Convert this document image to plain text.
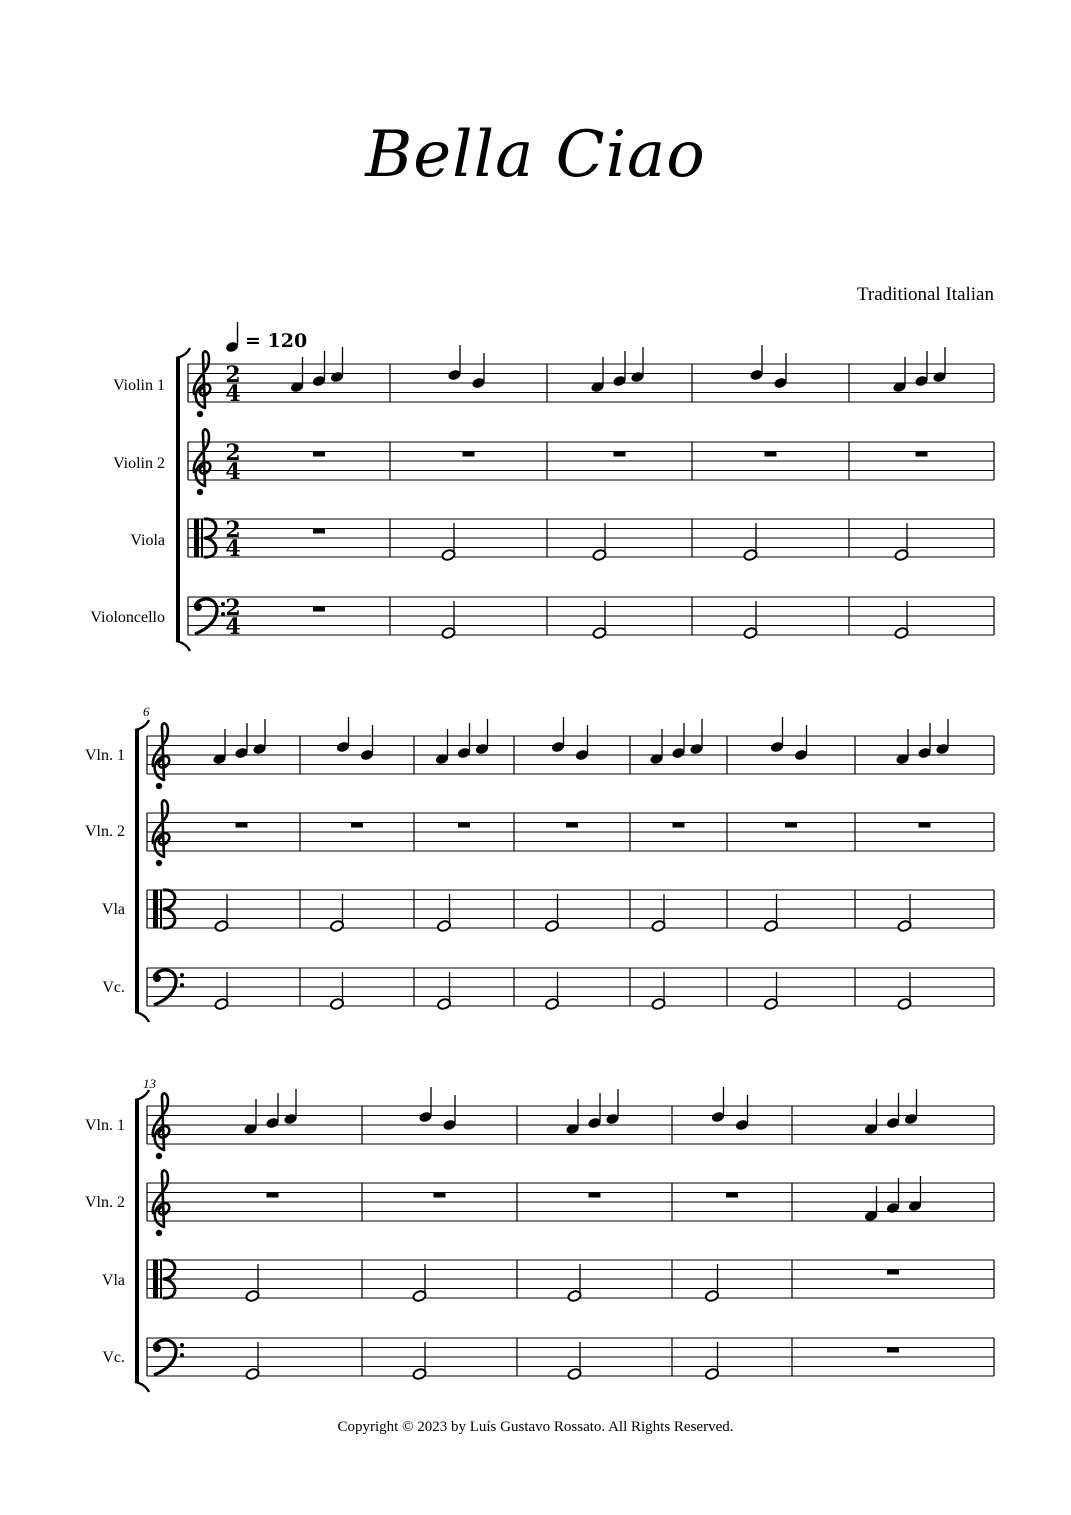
Bella Ciao
Traditional Italian
= 120
Violin 1
Violin 2
Viola
Violoncello
2
4
2
4
2
4
2
4
6
Vln. 1
Vln. 2
Vla
Vc.
13
Vln. 1
Vln. 2
Vla
Vc.
Copyright © 2023 by Luís Gustavo Rossato. All Rights Reserved.
